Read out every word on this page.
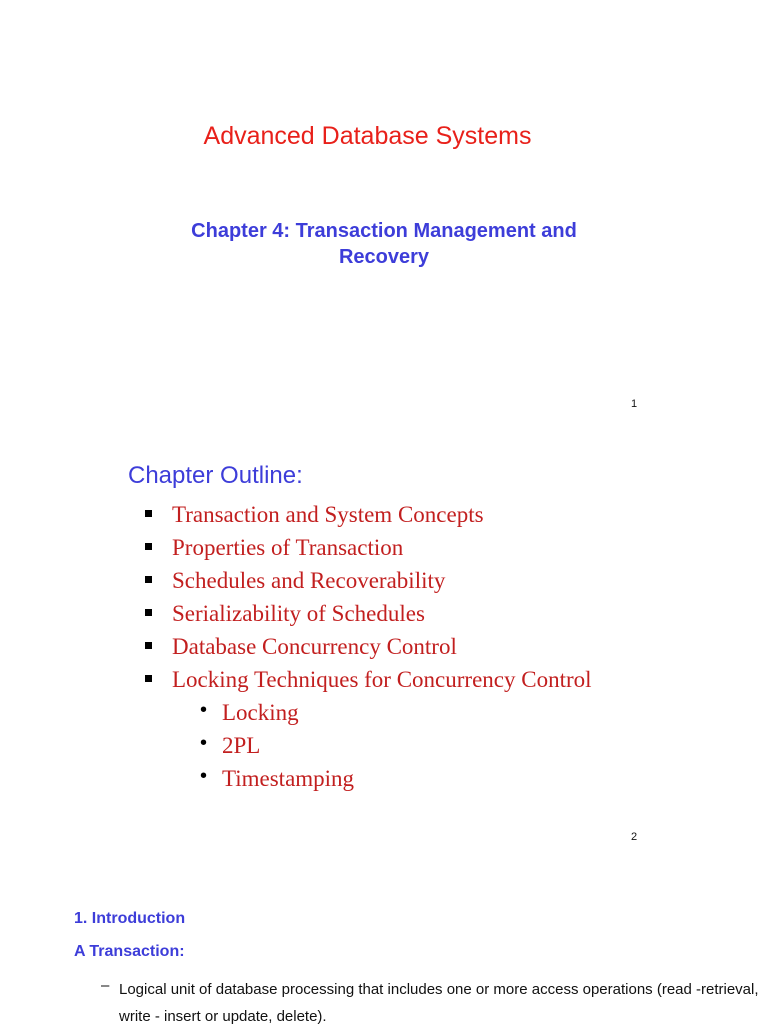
Advanced Database Systems
Chapter 4: Transaction Management and
Recovery
1
Chapter Outline:
Transaction and System Concepts
Properties of Transaction
Schedules and Recoverability
Serializability of Schedules
Database Concurrency Control
Locking Techniques for Concurrency Control
• Locking
• 2PL
• Timestamping
2
1. Introduction
A Transaction:
– Logical unit of database processing that includes one or more access operations (read -retrieval, write - insert or update, delete).
